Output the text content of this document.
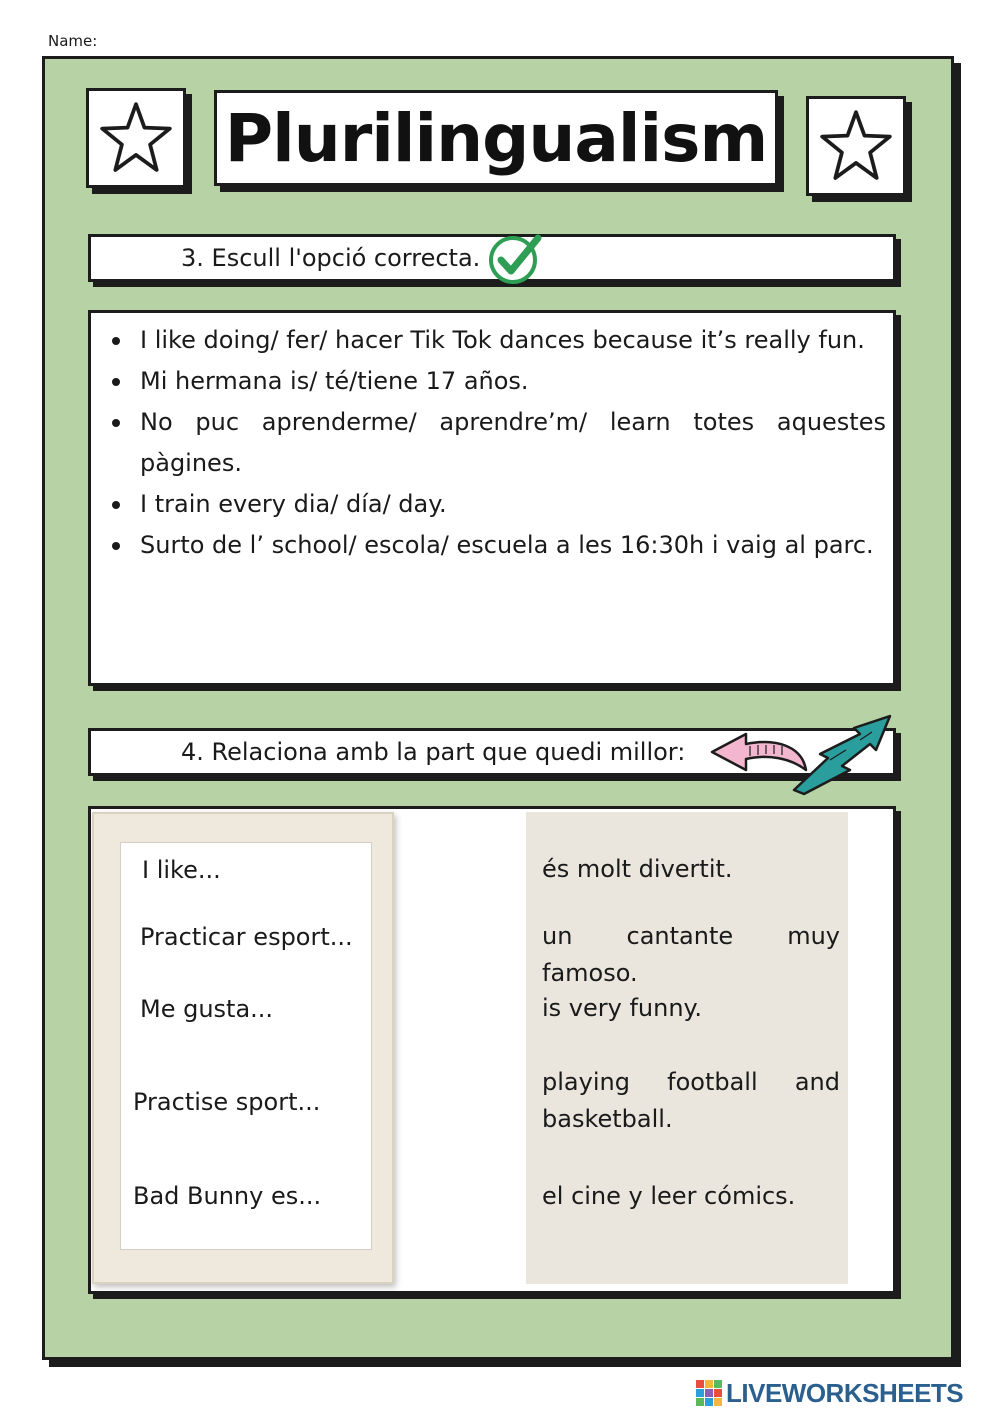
Name:
Plurilingualism
3. Escull l'opció correcta.
I like doing/ fer/ hacer Tik Tok dances because it’s really fun.
Mi hermana is/ té/tiene 17 años.
No puc aprenderme/ aprendre’m/ learn totes aquestes pàgines.
I train every dia/ día/ day.
Surto de l’ school/ escola/ escuela a les 16:30h i vaig al parc.
4. Relaciona amb la part que quedi millor:
I like...
Practicar esport...
Me gusta...
Practise sport...
Bad Bunny es...
és molt divertit.
un cantante muy famoso.
is very funny.
playing football and basketball.
el cine y leer cómics.
LIVEWORKSHEETS
